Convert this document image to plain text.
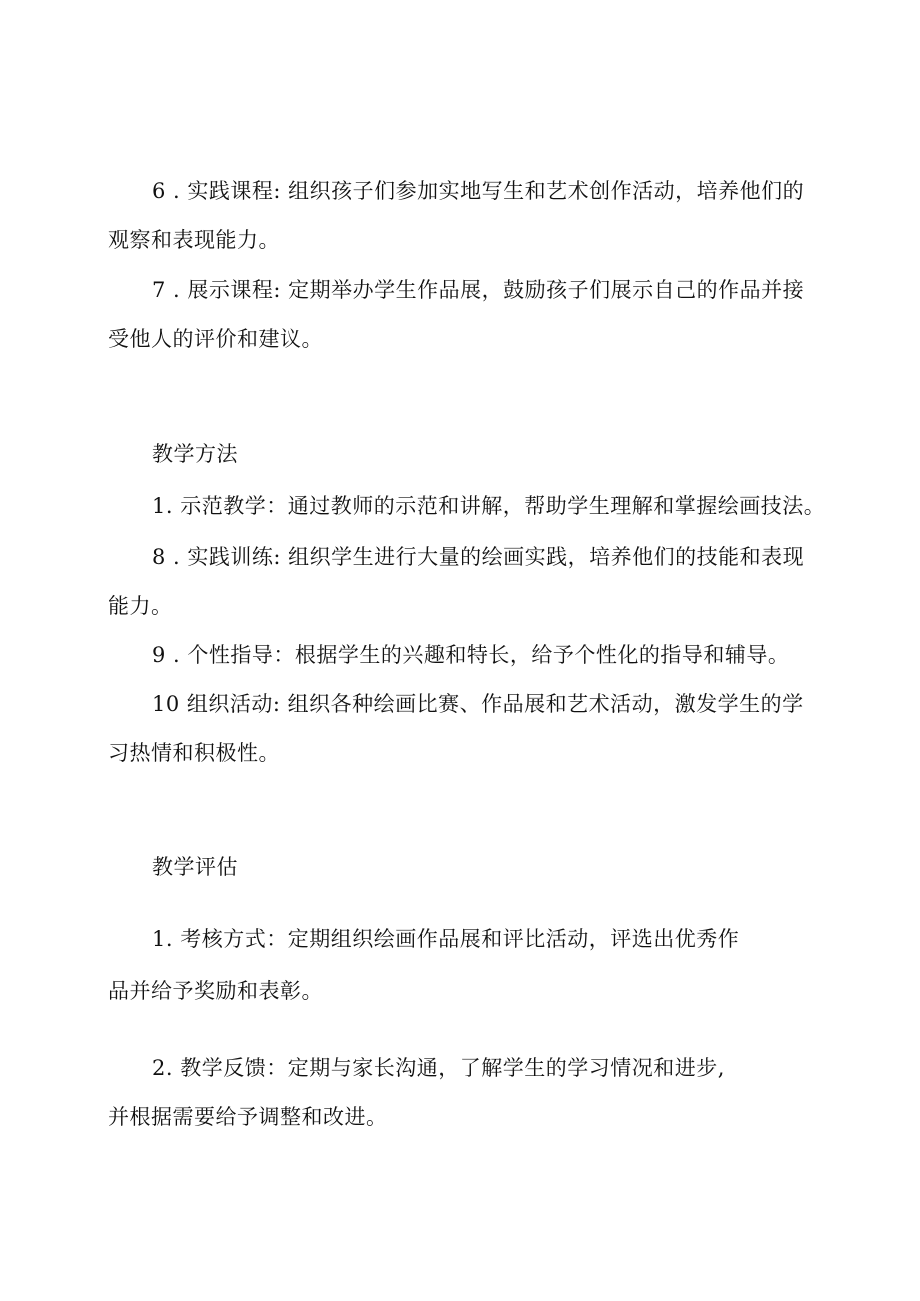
6 . 实践课程: 组织孩子们参加实地写生和艺术创作活动，培养他们的
观察和表现能力。
7 . 展示课程: 定期举办学生作品展，鼓励孩子们展示自己的作品并接
受他人的评价和建议。
教学方法
1. 示范教学：通过教师的示范和讲解，帮助学生理解和掌握绘画技法。
8 . 实践训练: 组织学生进行大量的绘画实践，培养他们的技能和表现
能力。
9 . 个性指导：根据学生的兴趣和特长，给予个性化的指导和辅导。
10 组织活动: 组织各种绘画比赛、作品展和艺术活动，激发学生的学
习热情和积极性。
教学评估
1. 考核方式：定期组织绘画作品展和评比活动，评选出优秀作
品并给予奖励和表彰。
2. 教学反馈：定期与家长沟通，了解学生的学习情况和进步,
并根据需要给予调整和改进。
